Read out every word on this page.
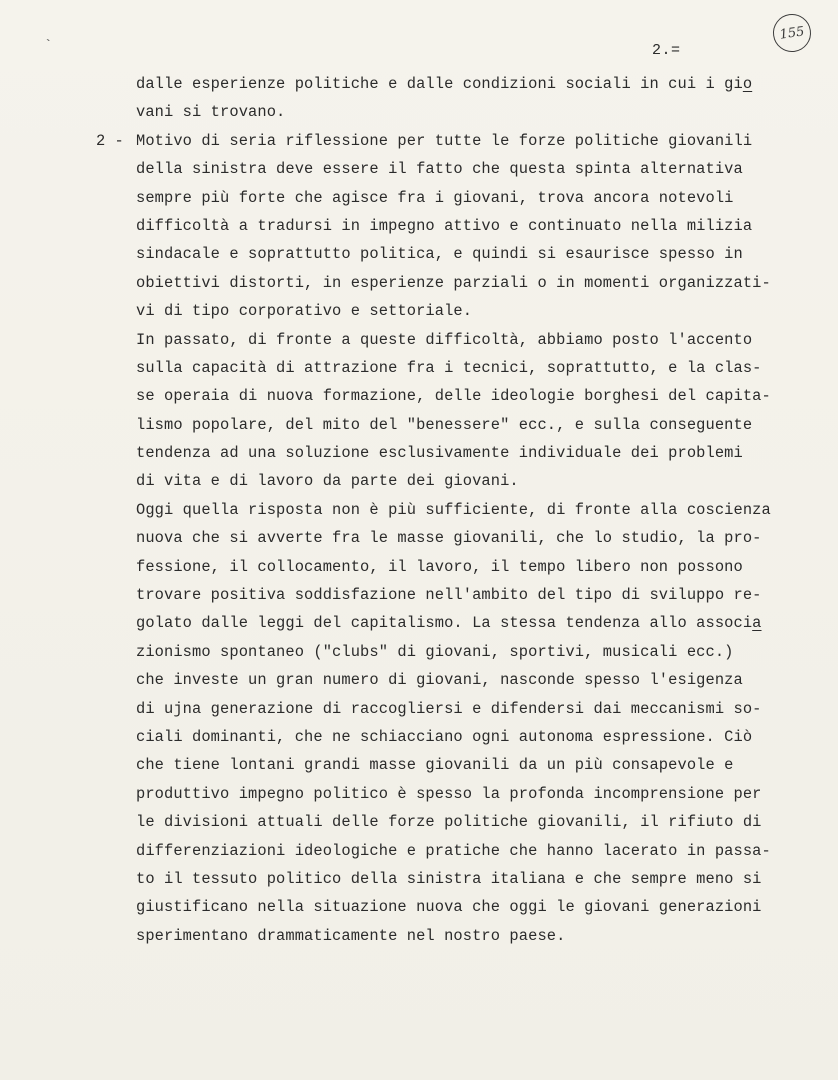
`
155
2.=
2 -
dalle esperienze politiche e dalle condizioni sociali in cui i gio
vani si trovano.
Motivo di seria riflessione per tutte le forze politiche giovanili
della sinistra deve essere il fatto che questa spinta alternativa
sempre più forte che agisce fra i giovani, trova ancora notevoli
difficoltà a tradursi in impegno attivo e continuato nella milizia
sindacale e soprattutto politica, e quindi si esaurisce spesso in
obiettivi distorti, in esperienze parziali o in momenti organizzati-
vi di tipo corporativo e settoriale.
In passato, di fronte a queste difficoltà, abbiamo posto l'accento
sulla capacità di attrazione fra i tecnici, soprattutto, e la clas-
se operaia di nuova formazione, delle ideologie borghesi del capita-
lismo popolare, del mito del "benessere" ecc., e sulla conseguente
tendenza ad una soluzione esclusivamente individuale dei problemi
di vita e di lavoro da parte dei giovani.
Oggi quella risposta non è più sufficiente, di fronte alla coscienza
nuova che si avverte fra le masse giovanili, che lo studio, la pro-
fessione, il collocamento, il lavoro, il tempo libero non possono
trovare positiva soddisfazione nell'ambito del tipo di sviluppo re-
golato dalle leggi del capitalismo. La stessa tendenza allo associa
zionismo spontaneo ("clubs" di giovani, sportivi, musicali ecc.)
che investe un gran numero di giovani, nasconde spesso l'esigenza
di ujna generazione di raccogliersi e difendersi dai meccanismi so-
ciali dominanti, che ne schiacciano ogni autonoma espressione. Ciò
che tiene lontani grandi masse giovanili da un più consapevole e
produttivo impegno politico è spesso la profonda incomprensione per
le divisioni attuali delle forze politiche giovanili, il rifiuto di
differenziazioni ideologiche e pratiche che hanno lacerato in passa-
to il tessuto politico della sinistra italiana e che sempre meno si
giustificano nella situazione nuova che oggi le giovani generazioni
sperimentano drammaticamente nel nostro paese.
